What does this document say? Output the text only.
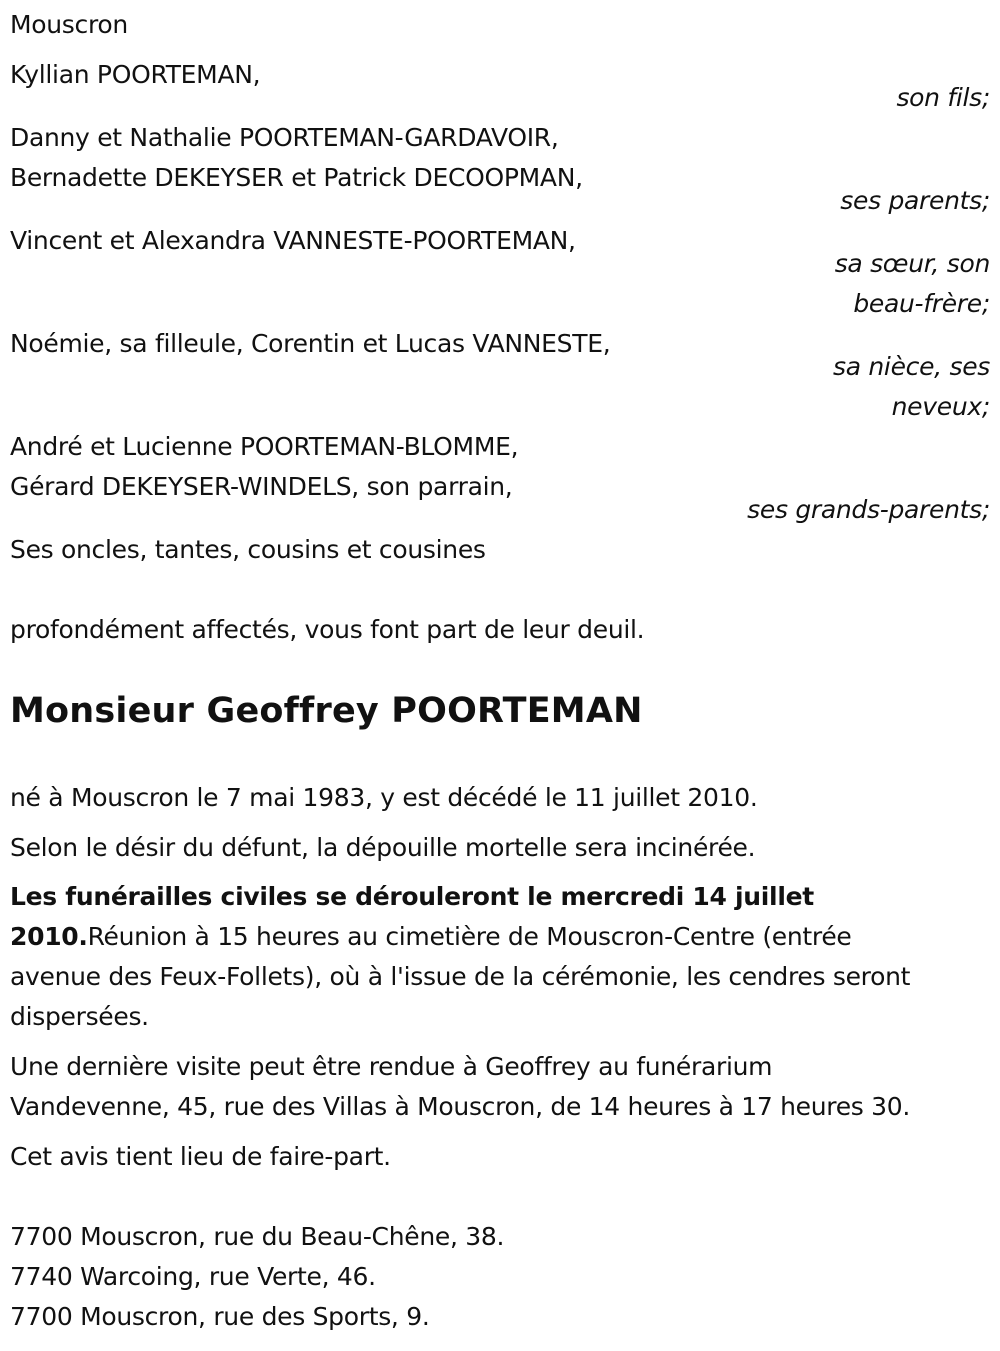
Mouscron
Kyllian POORTEMAN,
son fils;
Danny et Nathalie POORTEMAN-GARDAVOIR,
Bernadette DEKEYSER et Patrick DECOOPMAN,
ses parents;
Vincent et Alexandra VANNESTE-POORTEMAN,
sa sœur, son
beau-frère;
Noémie, sa filleule, Corentin et Lucas VANNESTE,
sa nièce, ses
neveux;
André et Lucienne POORTEMAN-BLOMME,
Gérard DEKEYSER-WINDELS, son parrain,
ses grands-parents;
Ses oncles, tantes, cousins et cousines
profondément affectés, vous font part de leur deuil.
Monsieur Geoffrey POORTEMAN
né à Mouscron le 7 mai 1983, y est décédé le 11 juillet 2010.
Selon le désir du défunt, la dépouille mortelle sera incinérée.
Les funérailles civiles se dérouleront le mercredi 14 juillet
2010.Réunion à 15 heures au cimetière de Mouscron-Centre (entrée
avenue des Feux-Follets), où à l'issue de la cérémonie, les cendres seront
dispersées.
Une dernière visite peut être rendue à Geoffrey au funérarium
Vandevenne, 45, rue des Villas à Mouscron, de 14 heures à 17 heures 30.
Cet avis tient lieu de faire-part.
7700 Mouscron, rue du Beau-Chêne, 38.
7740 Warcoing, rue Verte, 46.
7700 Mouscron, rue des Sports, 9.
